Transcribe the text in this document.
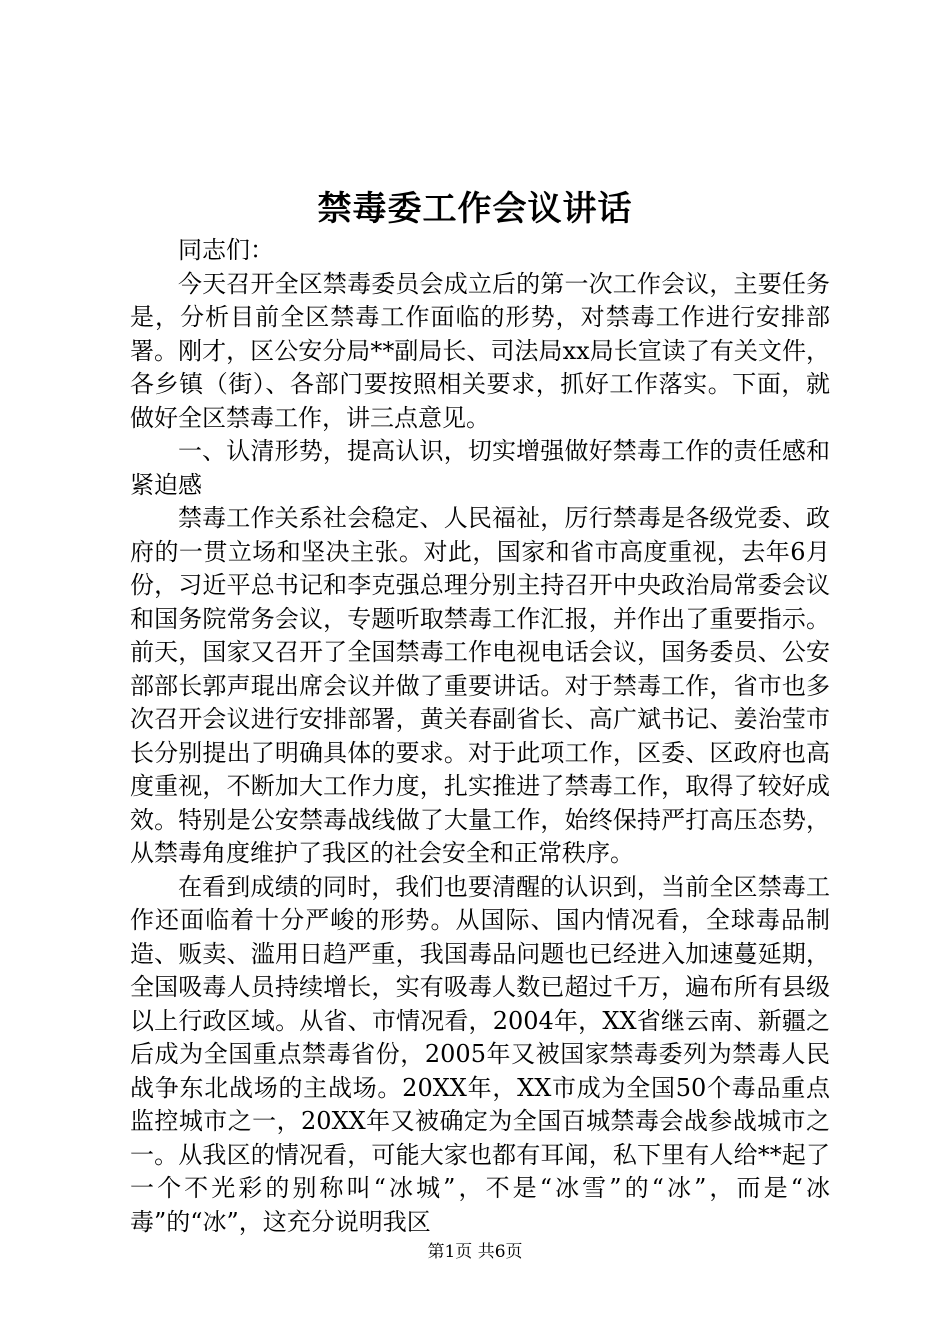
禁毒委工作会议讲话

同志们：

今天召开全区禁毒委员会成立后的第一次工作会议，主要任务是，分析目前全区禁毒工作面临的形势，对禁毒工作进行安排部署。刚才，区公安分局**副局长、司法局xx局长宣读了有关文件，各乡镇（街）、各部门要按照相关要求，抓好工作落实。下面，就做好全区禁毒工作，讲三点意见。

一、认清形势，提高认识，切实增强做好禁毒工作的责任感和紧迫感

禁毒工作关系社会稳定、人民福祉，厉行禁毒是各级党委、政府的一贯立场和坚决主张。对此，国家和省市高度重视，去年6月份，习近平总书记和李克强总理分别主持召开中央政治局常委会议和国务院常务会议，专题听取禁毒工作汇报，并作出了重要指示。前天，国家又召开了全国禁毒工作电视电话会议，国务委员、公安部部长郭声琨出席会议并做了重要讲话。对于禁毒工作，省市也多次召开会议进行安排部署，黄关春副省长、高广斌书记、姜治莹市长分别提出了明确具体的要求。对于此项工作，区委、区政府也高度重视，不断加大工作力度，扎实推进了禁毒工作，取得了较好成效。特别是公安禁毒战线做了大量工作，始终保持严打高压态势，从禁毒角度维护了我区的社会安全和正常秩序。

在看到成绩的同时，我们也要清醒的认识到，当前全区禁毒工作还面临着十分严峻的形势。从国际、国内情况看，全球毒品制造、贩卖、滥用日趋严重，我国毒品问题也已经进入加速蔓延期，全国吸毒人员持续增长，实有吸毒人数已超过千万，遍布所有县级以上行政区域。从省、市情况看，2004年，XX省继云南、新疆之后成为全国重点禁毒省份，2005年又被国家禁毒委列为禁毒人民战争东北战场的主战场。20XX年，XX市成为全国50个毒品重点监控城市之一，20XX年又被确定为全国百城禁毒会战参战城市之一。从我区的情况看，可能大家也都有耳闻，私下里有人给**起了一个不光彩的别称叫“冰城”，不是“冰雪”的“冰”，而是“冰毒”的“冰”，这充分说明我区

第1页 共6页
